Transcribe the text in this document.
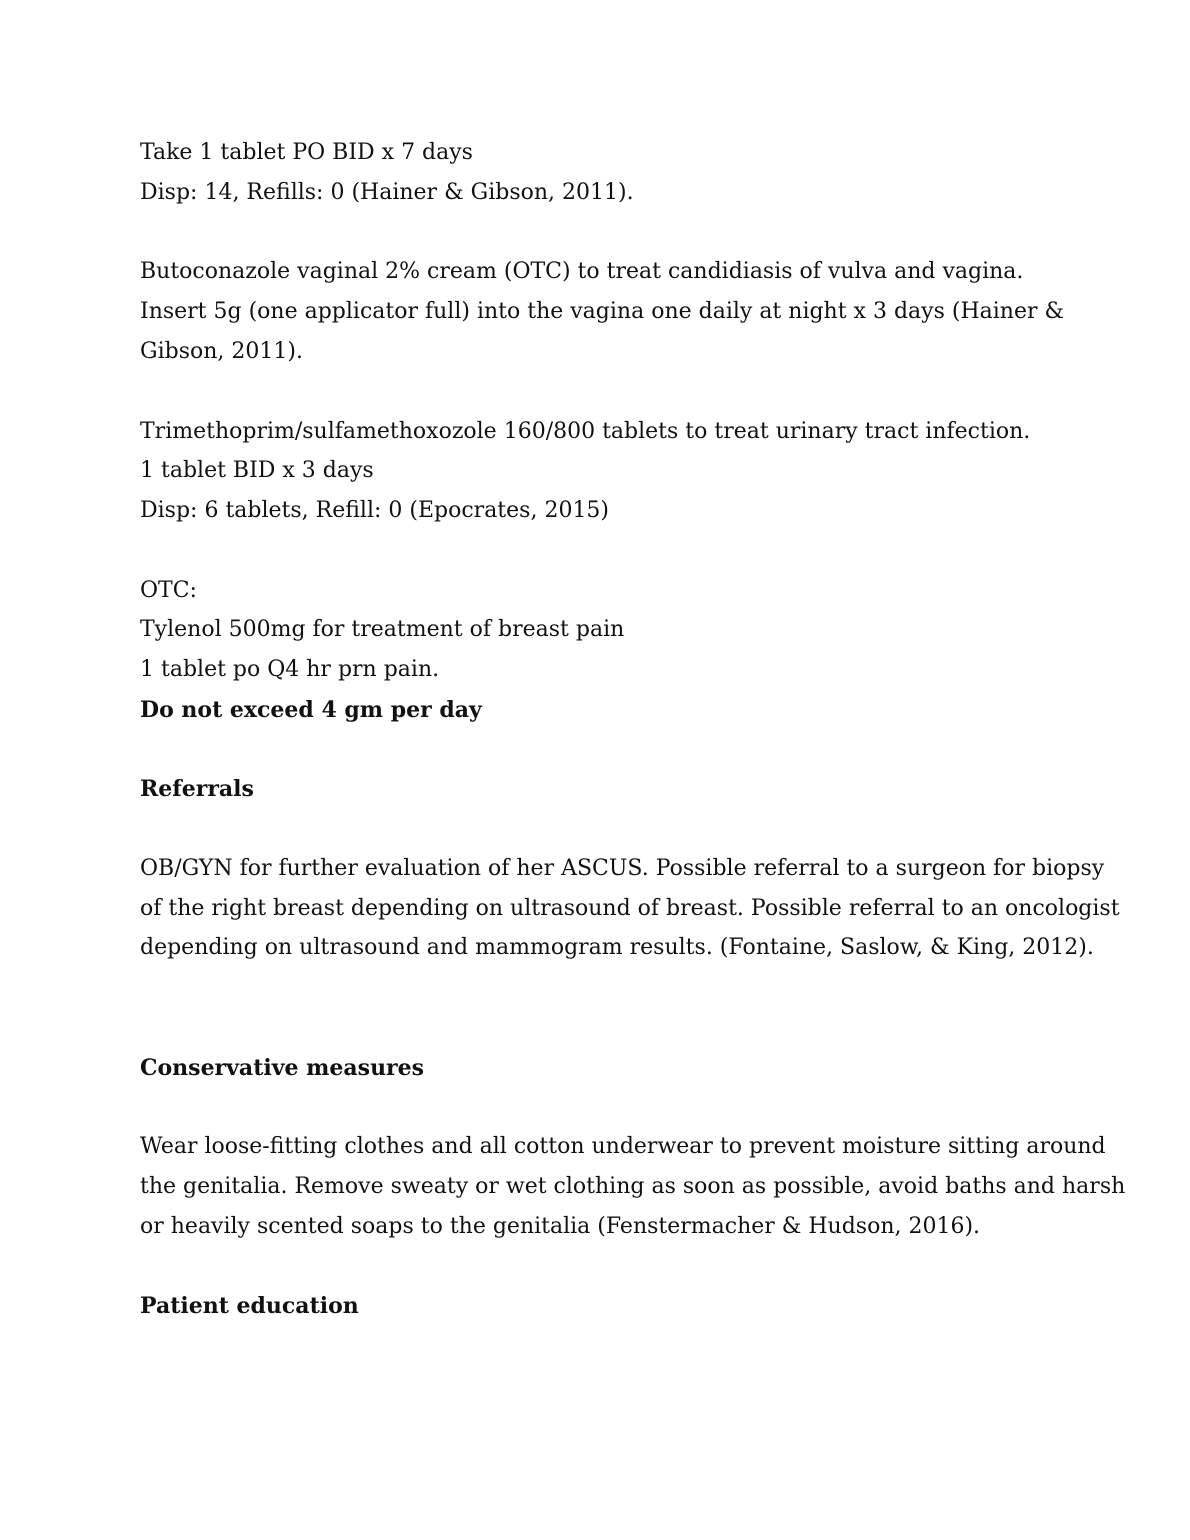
Take 1 tablet PO BID x 7 days
Disp: 14, Refills: 0 (Hainer & Gibson, 2011).
Butoconazole vaginal 2% cream (OTC) to treat candidiasis of vulva and vagina.
Insert 5g (one applicator full) into the vagina one daily at night x 3 days (Hainer &
Gibson, 2011).
Trimethoprim/sulfamethoxozole 160/800 tablets to treat urinary tract infection.
1 tablet BID x 3 days
Disp: 6 tablets, Refill: 0 (Epocrates, 2015)
OTC:
Tylenol 500mg for treatment of breast pain
1 tablet po Q4 hr prn pain.
Do not exceed 4 gm per day
Referrals
OB/GYN for further evaluation of her ASCUS. Possible referral to a surgeon for biopsy
of the right breast depending on ultrasound of breast. Possible referral to an oncologist
depending on ultrasound and mammogram results. (Fontaine, Saslow, & King, 2012).
Conservative measures
Wear loose-fitting clothes and all cotton underwear to prevent moisture sitting around
the genitalia. Remove sweaty or wet clothing as soon as possible, avoid baths and harsh
or heavily scented soaps to the genitalia (Fenstermacher & Hudson, 2016).
Patient education
